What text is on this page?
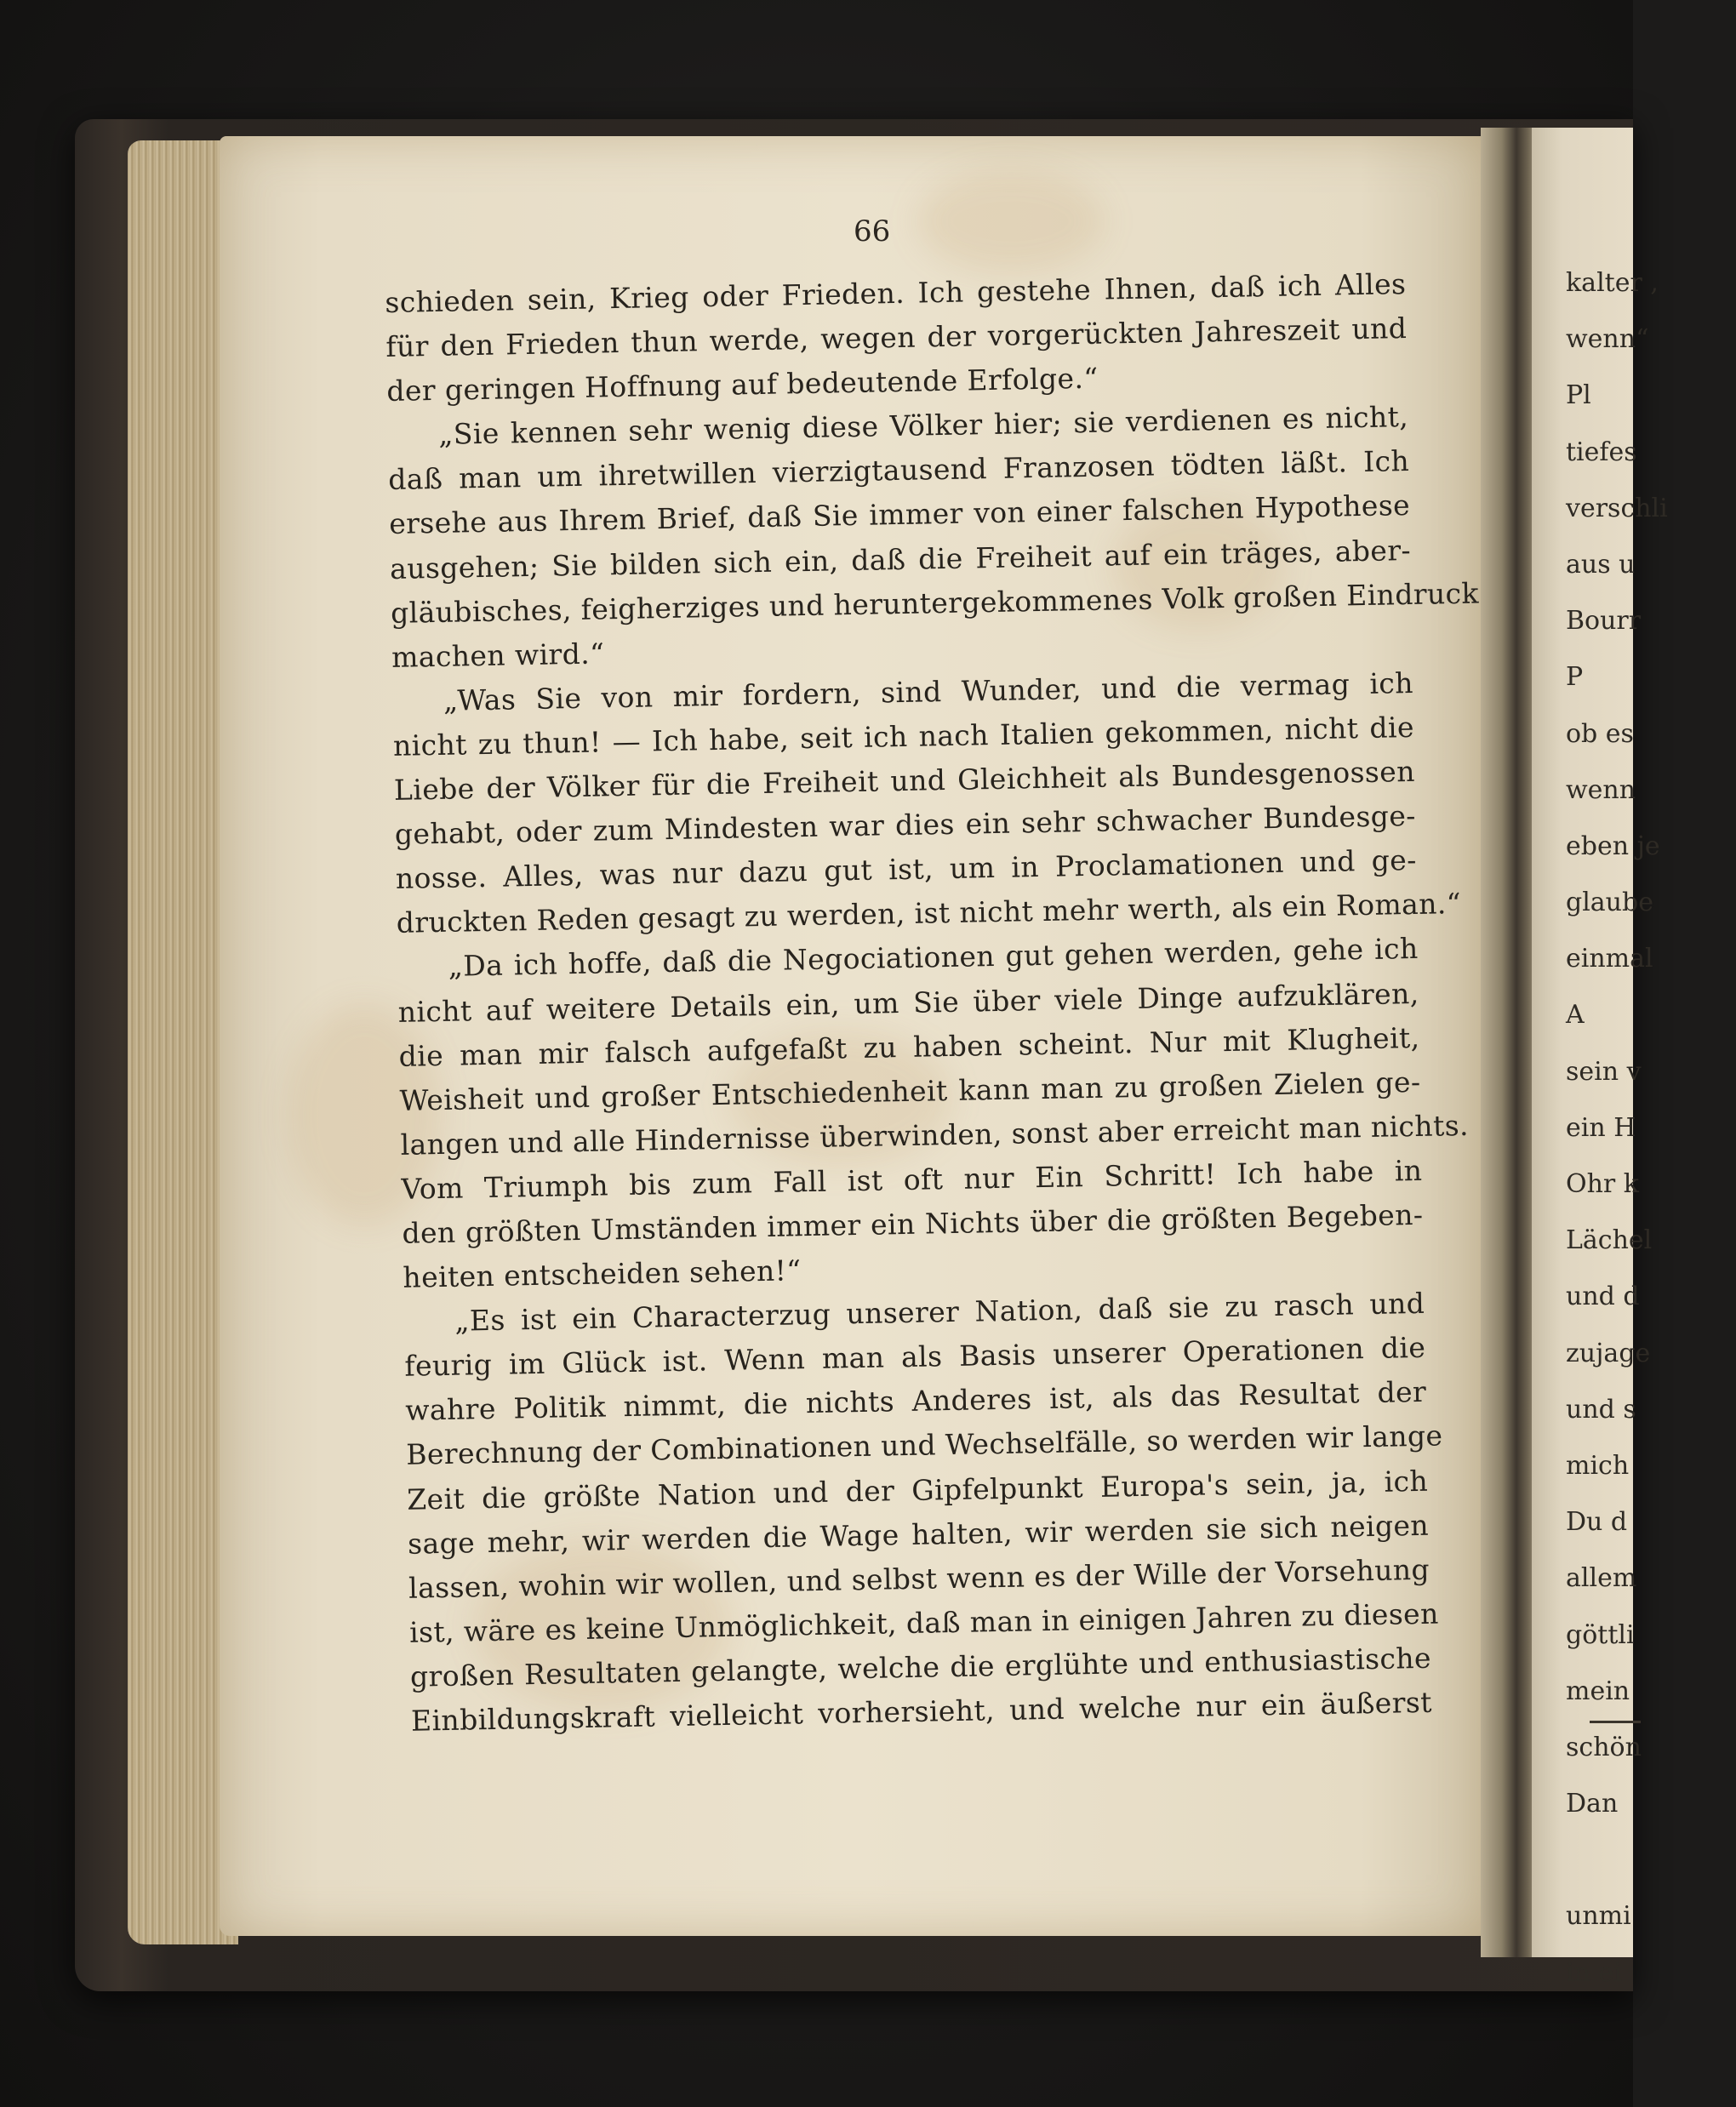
kalter ,
wenn“
Pl
tiefes
verschli
aus u
Bourr
P
ob es
wenn
eben je
glaube
einmal
A
sein v
ein H
Ohr k
Lächel
und d
zujage
und s
mich
Du d
allem
göttli
mein
schön
Dan
unmi
in ei
66
schieden sein, Krieg oder Frieden. Ich gestehe Ihnen, daß ich Alles
für den Frieden thun werde, wegen der vorgerückten Jahreszeit und
der geringen Hoffnung auf bedeutende Erfolge.“
„Sie kennen sehr wenig diese Völker hier; sie verdienen es nicht,
daß man um ihretwillen vierzigtausend Franzosen tödten läßt. Ich
ersehe aus Ihrem Brief, daß Sie immer von einer falschen Hypothese
ausgehen; Sie bilden sich ein, daß die Freiheit auf ein träges, aber-
gläubisches, feigherziges und heruntergekommenes Volk großen Eindruck
machen wird.“
„Was Sie von mir fordern, sind Wunder, und die vermag ich
nicht zu thun! — Ich habe, seit ich nach Italien gekommen, nicht die
Liebe der Völker für die Freiheit und Gleichheit als Bundesgenossen
gehabt, oder zum Mindesten war dies ein sehr schwacher Bundesge-
nosse. Alles, was nur dazu gut ist, um in Proclamationen und ge-
druckten Reden gesagt zu werden, ist nicht mehr werth, als ein Roman.“
„Da ich hoffe, daß die Negociationen gut gehen werden, gehe ich
nicht auf weitere Details ein, um Sie über viele Dinge aufzuklären,
die man mir falsch aufgefaßt zu haben scheint. Nur mit Klugheit,
Weisheit und großer Entschiedenheit kann man zu großen Zielen ge-
langen und alle Hindernisse überwinden, sonst aber erreicht man nichts.
Vom Triumph bis zum Fall ist oft nur Ein Schritt! Ich habe in
den größten Umständen immer ein Nichts über die größten Begeben-
heiten entscheiden sehen!“
„Es ist ein Characterzug unserer Nation, daß sie zu rasch und
feurig im Glück ist. Wenn man als Basis unserer Operationen die
wahre Politik nimmt, die nichts Anderes ist, als das Resultat der
Berechnung der Combinationen und Wechselfälle, so werden wir lange
Zeit die größte Nation und der Gipfelpunkt Europa's sein, ja, ich
sage mehr, wir werden die Wage halten, wir werden sie sich neigen
lassen, wohin wir wollen, und selbst wenn es der Wille der Vorsehung
ist, wäre es keine Unmöglichkeit, daß man in einigen Jahren zu diesen
großen Resultaten gelangte, welche die erglühte und enthusiastische
Einbildungskraft vielleicht vorhersieht, und welche nur ein äußerst
